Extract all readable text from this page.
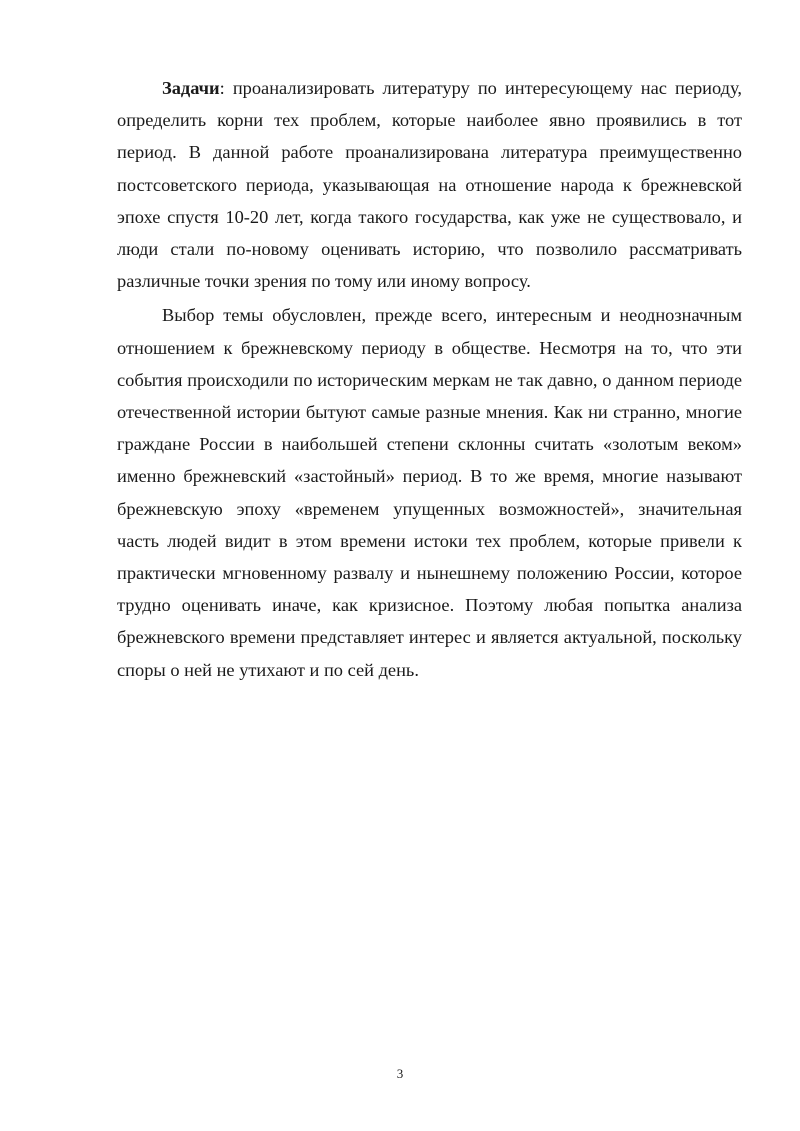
Задачи: проанализировать литературу по интересующему нас периоду, определить корни тех проблем, которые наиболее явно проявились в тот период. В данной работе проанализирована литература преимущественно постсоветского периода, указывающая на отношение народа к брежневской эпохе спустя 10-20 лет, когда такого государства, как уже не существовало, и люди стали по-новому оценивать историю, что позволило рассматривать различные точки зрения по тому или иному вопросу.

Выбор темы обусловлен, прежде всего, интересным и неоднозначным отношением к брежневскому периоду в обществе. Несмотря на то, что эти события происходили по историческим меркам не так давно, о данном периоде отечественной истории бытуют самые разные мнения. Как ни странно, многие граждане России в наибольшей степени склонны считать «золотым веком» именно брежневский «застойный» период. В то же время, многие называют брежневскую эпоху «временем упущенных возможностей», значительная часть людей видит в этом времени истоки тех проблем, которые привели к практически мгновенному развалу и нынешнему положению России, которое трудно оценивать иначе, как кризисное. Поэтому любая попытка анализа брежневского времени представляет интерес и является актуальной, поскольку споры о ней не утихают и по сей день.

3
